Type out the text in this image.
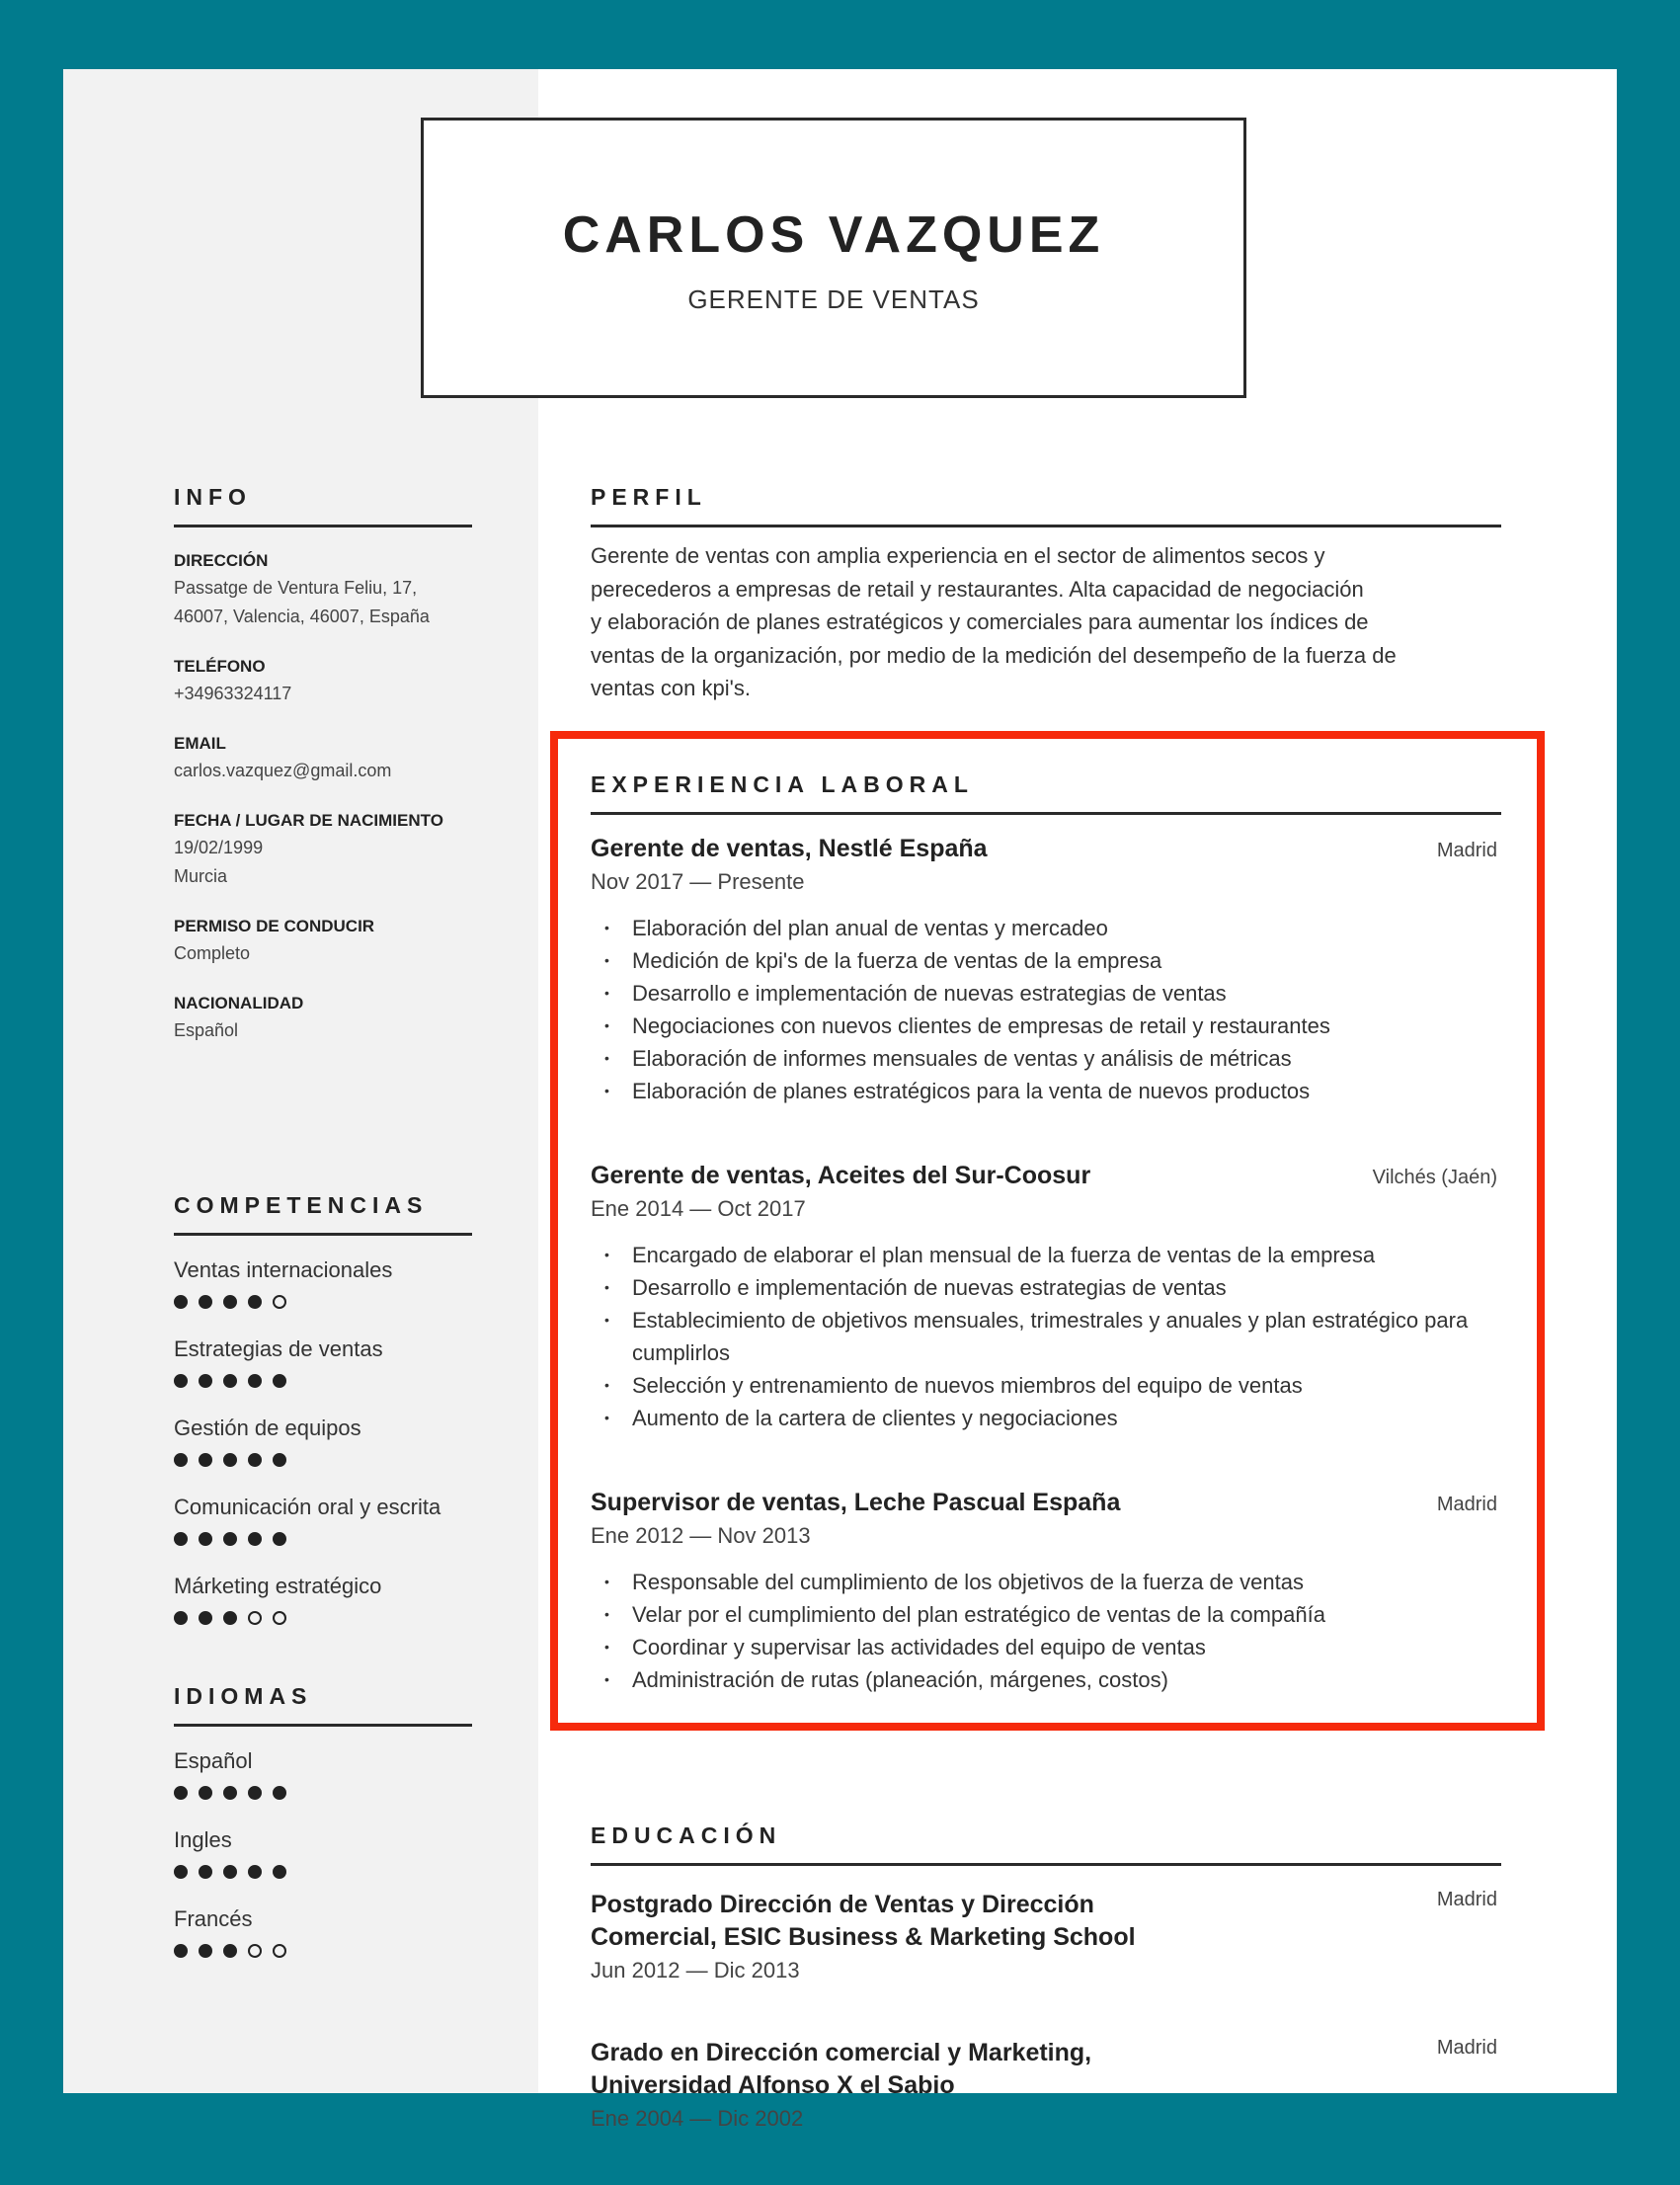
CARLOS VAZQUEZ
GERENTE DE VENTAS
INFO
DIRECCIÓN
Passatge de Ventura Feliu, 17,
46007, Valencia, 46007, España
TELÉFONO
+34963324117
EMAIL
carlos.vazquez@gmail.com
FECHA / LUGAR DE NACIMIENTO
19/02/1999
Murcia
PERMISO DE CONDUCIR
Completo
NACIONALIDAD
Español
COMPETENCIAS
Ventas internacionales
Estrategias de ventas
Gestión de equipos
Comunicación oral y escrita
Márketing estratégico
IDIOMAS
Español
Ingles
Francés
PERFIL
Gerente de ventas con amplia experiencia en el sector de alimentos secos y
perecederos a empresas de retail y restaurantes. Alta capacidad de negociación
y elaboración de planes estratégicos y comerciales para aumentar los índices de
ventas de la organización, por medio de la medición del desempeño de la fuerza de
ventas con kpi's.
EXPERIENCIA LABORAL
Gerente de ventas, Nestlé España	Madrid
Nov 2017 — Presente
• Elaboración del plan anual de ventas y mercadeo
• Medición de kpi's de la fuerza de ventas de la empresa
• Desarrollo e implementación de nuevas estrategias de ventas
• Negociaciones con nuevos clientes de empresas de retail y restaurantes
• Elaboración de informes mensuales de ventas y análisis de métricas
• Elaboración de planes estratégicos para la venta de nuevos productos
Gerente de ventas, Aceites del Sur-Coosur	Vilchés (Jaén)
Ene 2014 — Oct 2017
• Encargado de elaborar el plan mensual de la fuerza de ventas de la empresa
• Desarrollo e implementación de nuevas estrategias de ventas
• Establecimiento de objetivos mensuales, trimestrales y anuales y plan estratégico para cumplirlos
• Selección y entrenamiento de nuevos miembros del equipo de ventas
• Aumento de la cartera de clientes y negociaciones
Supervisor de ventas, Leche Pascual España	Madrid
Ene 2012 — Nov 2013
• Responsable del cumplimiento de los objetivos de la fuerza de ventas
• Velar por el cumplimiento del plan estratégico de ventas de la compañía
• Coordinar y supervisar las actividades del equipo de ventas
• Administración de rutas (planeación, márgenes, costos)
EDUCACIÓN
Postgrado Dirección de Ventas y Dirección Comercial, ESIC Business & Marketing School
Madrid
Jun 2012 — Dic 2013
Grado en Dirección comercial y Marketing, Universidad Alfonso X el Sabio
Madrid
Ene 2004 — Dic 2002
